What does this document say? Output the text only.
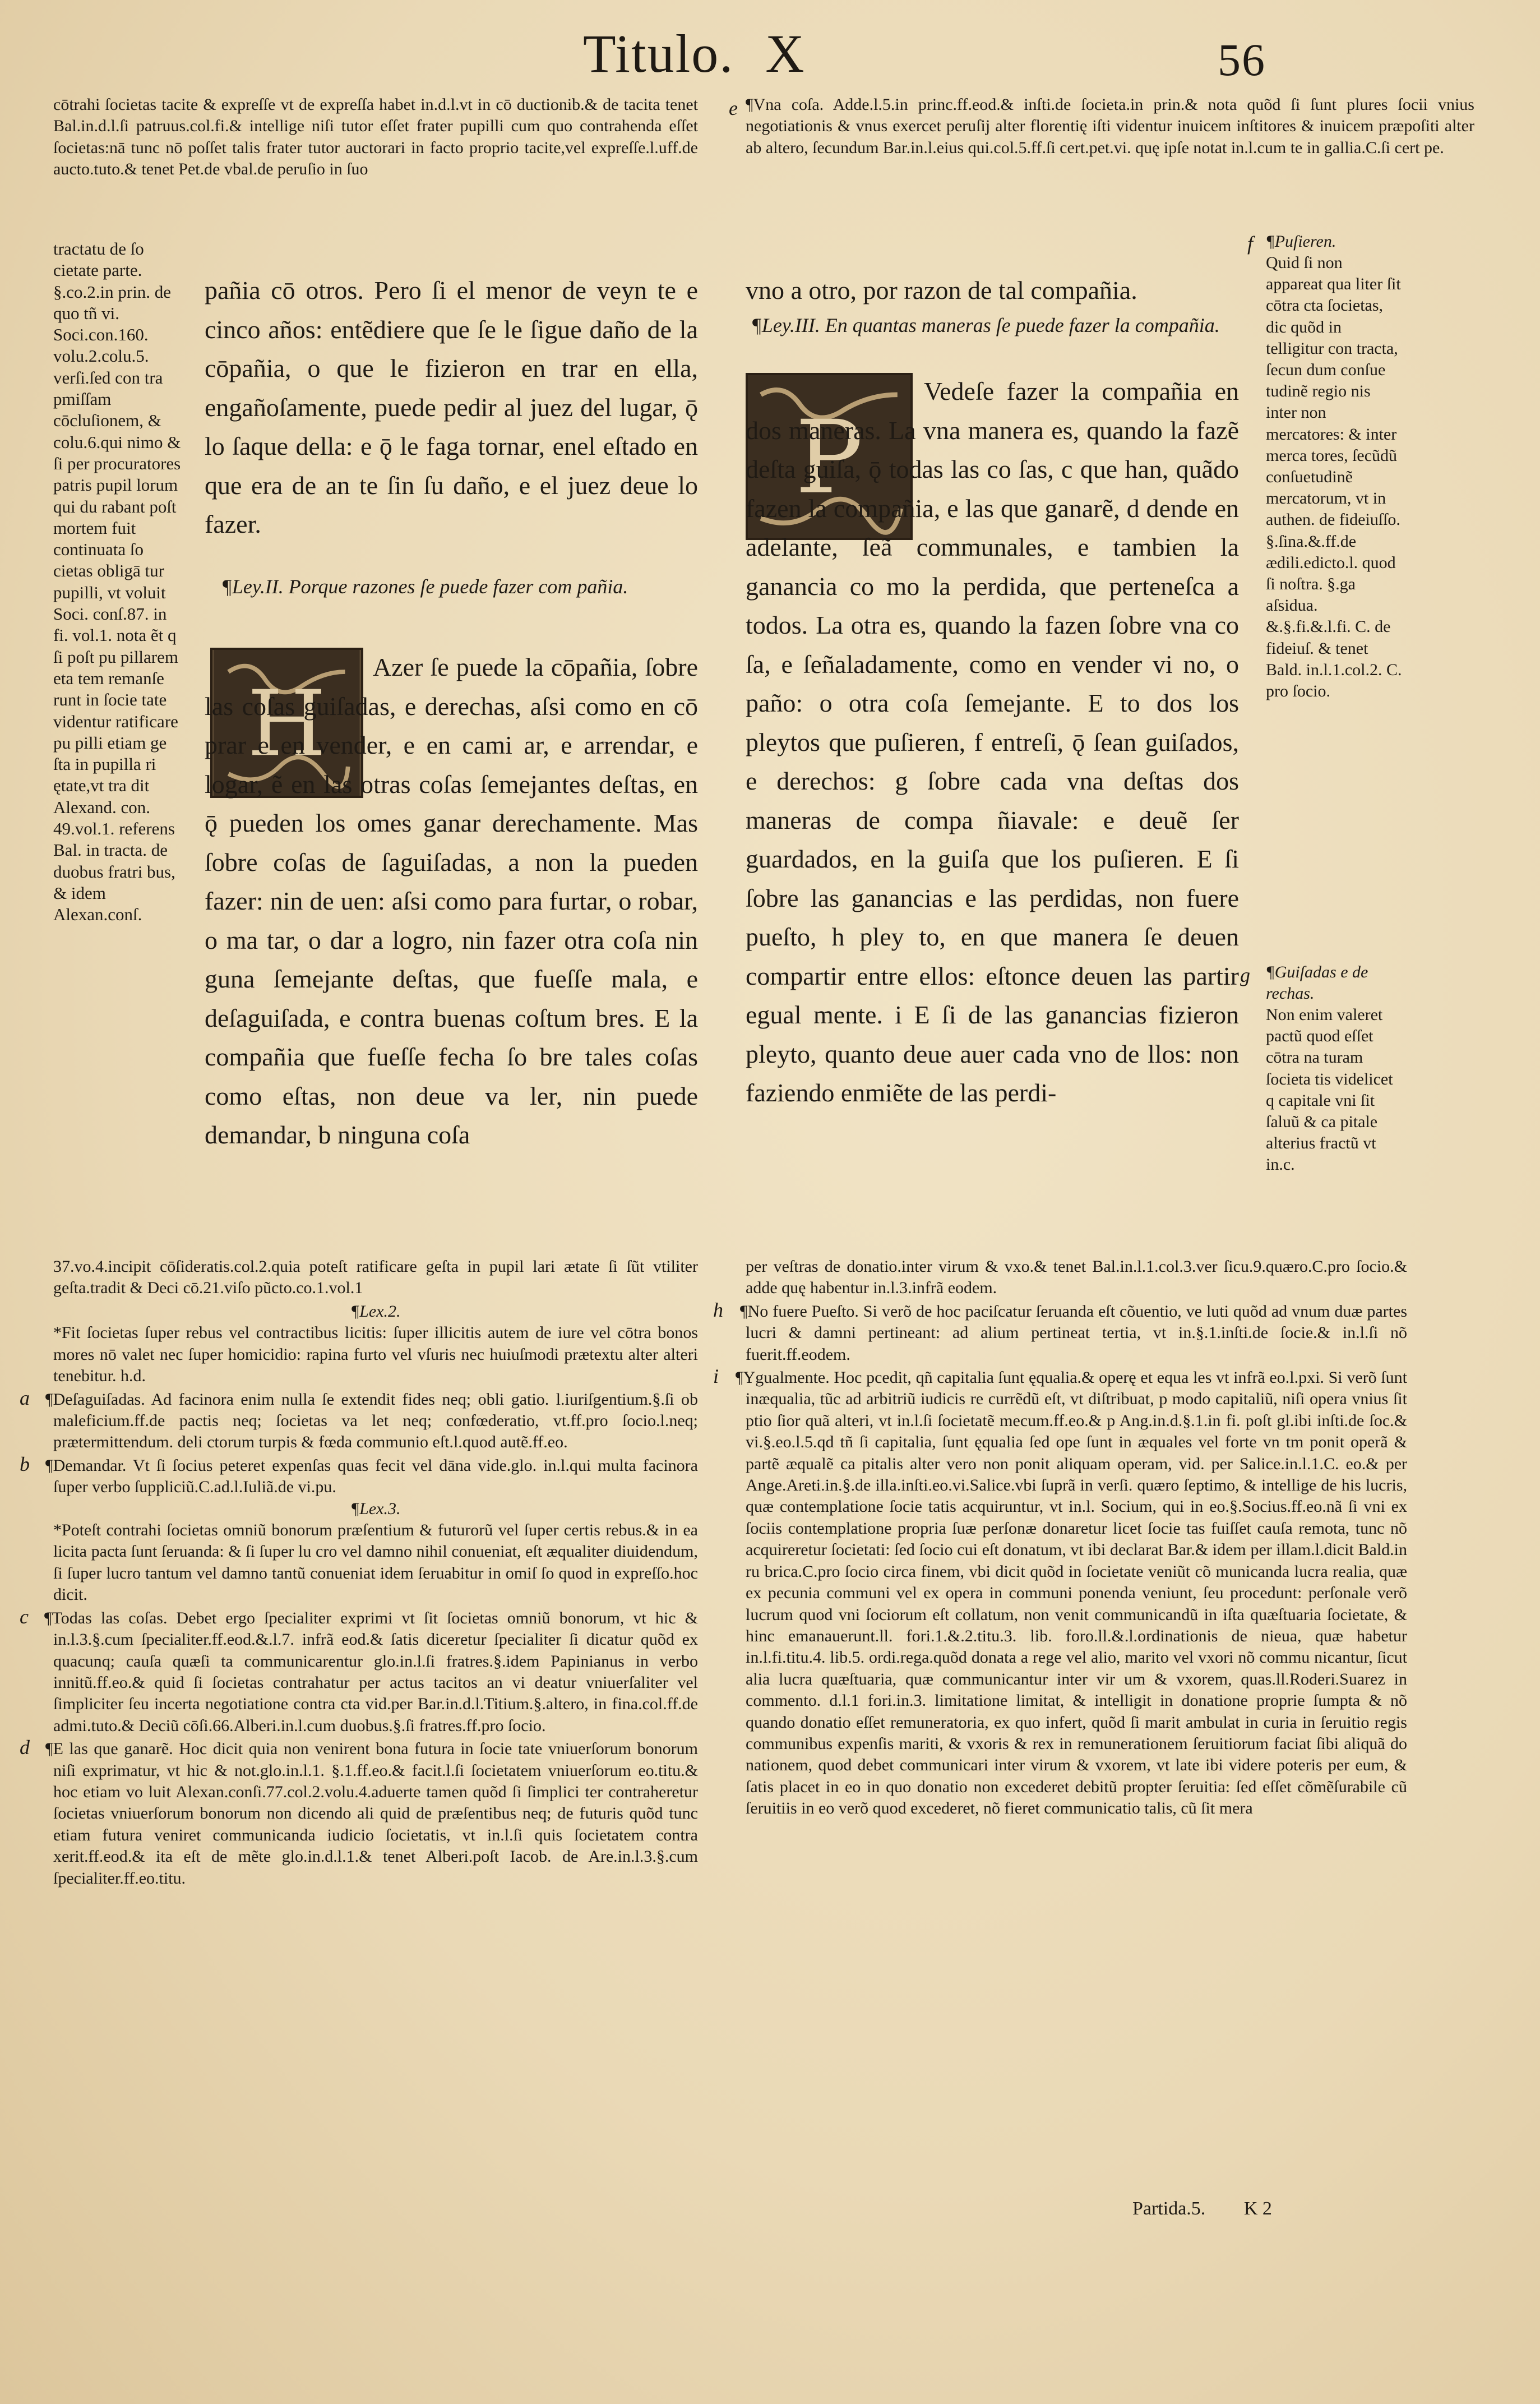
Titulo. X	56

cōtrahi ſocietas tacite & expreſſe vt de expreſſa habet in.d.l.vt in cō ductionib.& de tacita tenet Bal.in.d.l.ſi patruus.col.fi.& intellige niſi tutor eſſet frater pupilli cum quo contrahenda eſſet ſocietas:nā tunc nō poſſet talis frater tutor auctorari in facto proprio tacite,vel expreſſe.l.uff.de aucto.tuto.& tenet Pet.de vbal.de peruſio in ſuo

tractatu de ſo cietate parte. §.co.2.in prin. de quo tñ vi. Soci.con.160. volu.2.colu.5. verſi.ſed con tra pmiſſam cōcluſionem, & colu.6.qui nimo & ſi per procuratores patris pupil lorum qui du rabant poſt mortem fuit continuata ſo cietas obligā tur pupilli, vt voluit Soci. conſ.87. in fi. vol.1. nota ẽt q ſi poſt pu pillarem eta tem remanſe runt in ſocie tate videntur ratificare pu pilli etiam ge ſta in pupilla ri ętate,vt tra dit Alexand. con. 49.vol.1. referens Bal. in tracta. de duobus fratri bus, & idem Alexan.conſ.

pañia cō otros. Pero ſi el menor de veyn te e cinco años: entẽdiere que ſe le ſigue daño de la cōpañia, o que le fizieron en trar en ella, engañoſamente, puede pedir al juez del lugar, ǭ lo ſaque della: e ǭ le faga tornar, enel eſtado en que era de an te ſin ſu daño, e el juez deue lo fazer.

¶Ley.II. Porque razones ſe puede fazer com pañia.
H

Azer ſe puede la cōpañia, ſobre las coſas guiſadas, e derechas, aſsi como en cō prar e en vender, e en cami ar, e arrendar, e logar, ẽ en las otras coſas ſemejantes deſtas, en ǭ pueden los omes ganar derechamente. Mas ſobre coſas de ſaguiſadas, a non la pueden fazer: nin de uen: aſsi como para furtar, o robar, o ma tar, o dar a logro, nin fazer otra coſa nin guna ſemejante deſtas, que fueſſe mala, e deſaguiſada, e contra buenas coſtum bres. E la compañia que fueſſe fecha ſo bre tales coſas como eſtas, non deue va ler, nin puede demandar, b ninguna coſa

37.vo.4.incipit cōſideratis.col.2.quia poteſt ratificare geſta in pupil lari ætate ſi ſũt vtiliter geſta.tradit & Deci cō.21.viſo pũcto.co.1.vol.1

e ¶Vna coſa. Adde.l.5.in princ.ff.eod.& inſti.de ſocieta.in prin.& nota quõd ſi ſunt plures ſocii vnius negotiationis & vnus exercet peruſij alter florentię iſti videntur inuicem inſtitores & inuicem præpoſiti alter ab altero, ſecundum Bar.in.l.eius qui.col.5.ff.ſi cert.pet.vi. quę ipſe notat in.l.cum te in gallia.C.ſi cert pe.

vno a otro, por razon de tal compañia.
¶Ley.III. En quantas maneras ſe puede fazer la compañia.
P

Vedeſe fazer la compañia en dos maneras. La vna manera es, quando la fazẽ deſta guiſa, ǭ todas las co ſas, c que han, quãdo fazen la compañia, e las que ganarẽ, d dende en adelante, ſeã communales, e tambien la ganancia co mo la perdida, que perteneſca a todos. La otra es, quando la fazen ſobre vna co ſa, e ſeñaladamente, como en vender vi no, o paño: o otra coſa ſemejante. E to dos los pleytos que puſieren, f entreſi, ǭ ſean guiſados, e derechos: g ſobre cada vna deſtas dos maneras de compa ñiavale: e deuẽ ſer guardados, en la guiſa que los puſieren. E ſi ſobre las ganancias e las perdidas, non fuere pueſto, h pley to, en que manera ſe deuen compartir entre ellos: eſtonce deuen las partir egual mente. i E ſi de las ganancias fizieron pleyto, quanto deue auer cada vno de llos: non faziendo enmiẽte de las perdi-

f ¶Puſieren.

Quid ſi non appareat qua liter ſit cōtra cta ſocietas, dic quõd in telligitur con tracta, ſecun dum conſue tudinẽ regio nis inter non mercatores: & inter merca tores, ſecũdũ conſuetudinẽ mercatorum, vt in authen. de fideiuſſo. §.ſina.&.ff.de ædili.edicto.l. quod ſi noſtra. §.ga aſsidua. &.§.fi.&.l.fi. C. de fideiuſ. & tenet Bald. in.l.1.col.2. C. pro ſocio.

g ¶Guiſadas e de rechas.

Non enim valeret pactũ quod eſſet cōtra na turam ſocieta tis videlicet q capitale vni ſit ſaluũ & ca pitale alterius fractũ vt in.c.

¶Lex.2.

*Fit ſocietas ſuper rebus vel contractibus licitis: ſuper illicitis autem de iure vel cōtra bonos mores nō valet nec ſuper homicidio: rapina furto vel vſuris nec huiuſmodi prætextu alter alteri tenebitur. h.d.

a ¶Deſaguiſadas. Ad facinora enim nulla ſe extendit fides neq; obli gatio. l.iuriſgentium.§.ſi ob maleficium.ff.de pactis neq; ſocietas va let neq; confœderatio, vt.ff.pro ſocio.l.neq; prætermittendum. deli ctorum turpis & fœda communio eſt.l.quod autẽ.ff.eo.

b ¶Demandar. Vt ſi ſocius peteret expenſas quas fecit vel dāna vide.glo. in.l.qui multa facinora ſuper verbo ſuppliciũ.C.ad.l.Iuliã.de vi.pu.

¶Lex.3.

*Poteſt contrahi ſocietas omniũ bonorum præſentium & futurorũ vel ſuper certis rebus.& in ea licita pacta ſunt ſeruanda: & ſi ſuper lu cro vel damno nihil conueniat, eſt æqualiter diuidendum, ſi ſuper lucro tantum vel damno tantũ conueniat idem ſeruabitur in omiſ ſo quod in expreſſo.hoc dicit.

c ¶Todas las coſas. Debet ergo ſpecialiter exprimi vt ſit ſocietas omniũ bonorum, vt hic & in.l.3.§.cum ſpecialiter.ff.eod.&.l.7. infrã eod.& ſatis diceretur ſpecialiter ſi dicatur quõd ex quacunq; cauſa quæſi ta communicarentur glo.in.l.ſi fratres.§.idem Papinianus in verbo innitũ.ff.eo.& quid ſi ſocietas contrahatur per actus tacitos an vi deatur vniuerſaliter vel ſimpliciter ſeu incerta negotiatione contra cta vid.per Bar.in.d.l.Titium.§.altero, in fina.col.ff.de admi.tuto.& Deciũ cōſi.66.Alberi.in.l.cum duobus.§.ſi fratres.ff.pro ſocio.

d ¶E las que ganarẽ. Hoc dicit quia non venirent bona futura in ſocie tate vniuerſorum bonorum niſi exprimatur, vt hic & not.glo.in.l.1. §.1.ff.eo.& facit.l.ſi ſocietatem vniuerſorum eo.titu.& hoc etiam vo luit Alexan.conſi.77.col.2.volu.4.aduerte tamen quõd ſi ſimplici ter contraheretur ſocietas vniuerſorum bonorum non dicendo ali quid de præſentibus neq; de futuris quõd tunc etiam futura veniret communicanda iudicio ſocietatis, vt in.l.ſi quis ſocietatem contra xerit.ff.eod.& ita eſt de mẽte glo.in.d.l.1.& tenet Alberi.poſt Iacob. de Are.in.l.3.§.cum ſpecialiter.ff.eo.titu.

per veſtras de donatio.inter virum & vxo.& tenet Bal.in.l.1.col.3.ver ſicu.9.quæro.C.pro ſocio.& adde quę habentur in.l.3.infrã eodem.

h ¶No fuere Pueſto. Si verõ de hoc paciſcatur ſeruanda eſt cõuentio, ve luti quõd ad vnum duæ partes lucri & damni pertineant: ad alium pertineat tertia, vt in.§.1.inſti.de ſocie.& in.l.ſi nõ fuerit.ff.eodem.

i ¶Ygualmente. Hoc pcedit, qñ capitalia ſunt ęqualia.& operę et equa les vt infrã eo.l.pxi. Si verõ ſunt inæqualia, tũc ad arbitriũ iudicis re currẽdũ eſt, vt diſtribuat, p modo capitaliũ, niſi opera vnius ſit ptio ſior quã alteri, vt in.l.ſi ſocietatẽ mecum.ff.eo.& p Ang.in.d.§.1.in fi. poſt gl.ibi inſti.de ſoc.& vi.§.eo.l.5.qd tñ ſi capitalia, ſunt ęqualia ſed ope ſunt in æquales vel forte vn tm ponit operã & partẽ æqualẽ ca pitalis alter vero non ponit aliquam operam, vid. per Salice.in.l.1.C. eo.& per Ange.Areti.in.§.de illa.inſti.eo.vi.Salice.vbi ſuprã in verſi. quæro ſeptimo, & intellige de his lucris, quæ contemplatione ſocie tatis acquiruntur, vt in.l. Socium, qui in eo.§.Socius.ff.eo.nã ſi vni ex ſociis contemplatione propria ſuæ perſonæ donaretur licet ſocie tas fuiſſet cauſa remota, tunc nõ acquireretur ſocietati: ſed ſocio cui eſt donatum, vt ibi declarat Bar.& idem per illam.l.dicit Bald.in ru brica.C.pro ſocio circa finem, vbi dicit quõd in ſocietate veniũt cõ municanda lucra realia, quæ ex pecunia communi vel ex opera in communi ponenda veniunt, ſeu procedunt: perſonale verõ lucrum quod vni ſociorum eſt collatum, non venit communicandũ in iſta quæſtuaria ſocietate, & hinc emanauerunt.ll. fori.1.&.2.titu.3. lib. foro.ll.&.l.ordinationis de nieua, quæ habetur in.l.fi.titu.4. lib.5. ordi.rega.quõd donata a rege vel alio, marito vel vxori nõ commu nicantur, ſicut alia lucra quæſtuaria, quæ communicantur inter vir um & vxorem, quas.ll.Roderi.Suarez in commento. d.l.1 fori.in.3. limitatione limitat, & intelligit in donatione proprie ſumpta & nõ quando donatio eſſet remuneratoria, ex quo infert, quõd ſi marit ambulat in curia in ſeruitio regis communibus expenſis mariti, & vxoris & rex in remunerationem ſeruitiorum faciat ſibi aliquã do nationem, quod debet communicari inter virum & vxorem, vt late ibi videre poteris per eum, & ſatis placet in eo in quo donatio non excederet debitũ propter ſeruitia: ſed eſſet cõmẽſurabile cũ ſeruitiis in eo verõ quod excederet, nõ fieret communicatio talis, cũ ſit mera

Partida.5. K 2
